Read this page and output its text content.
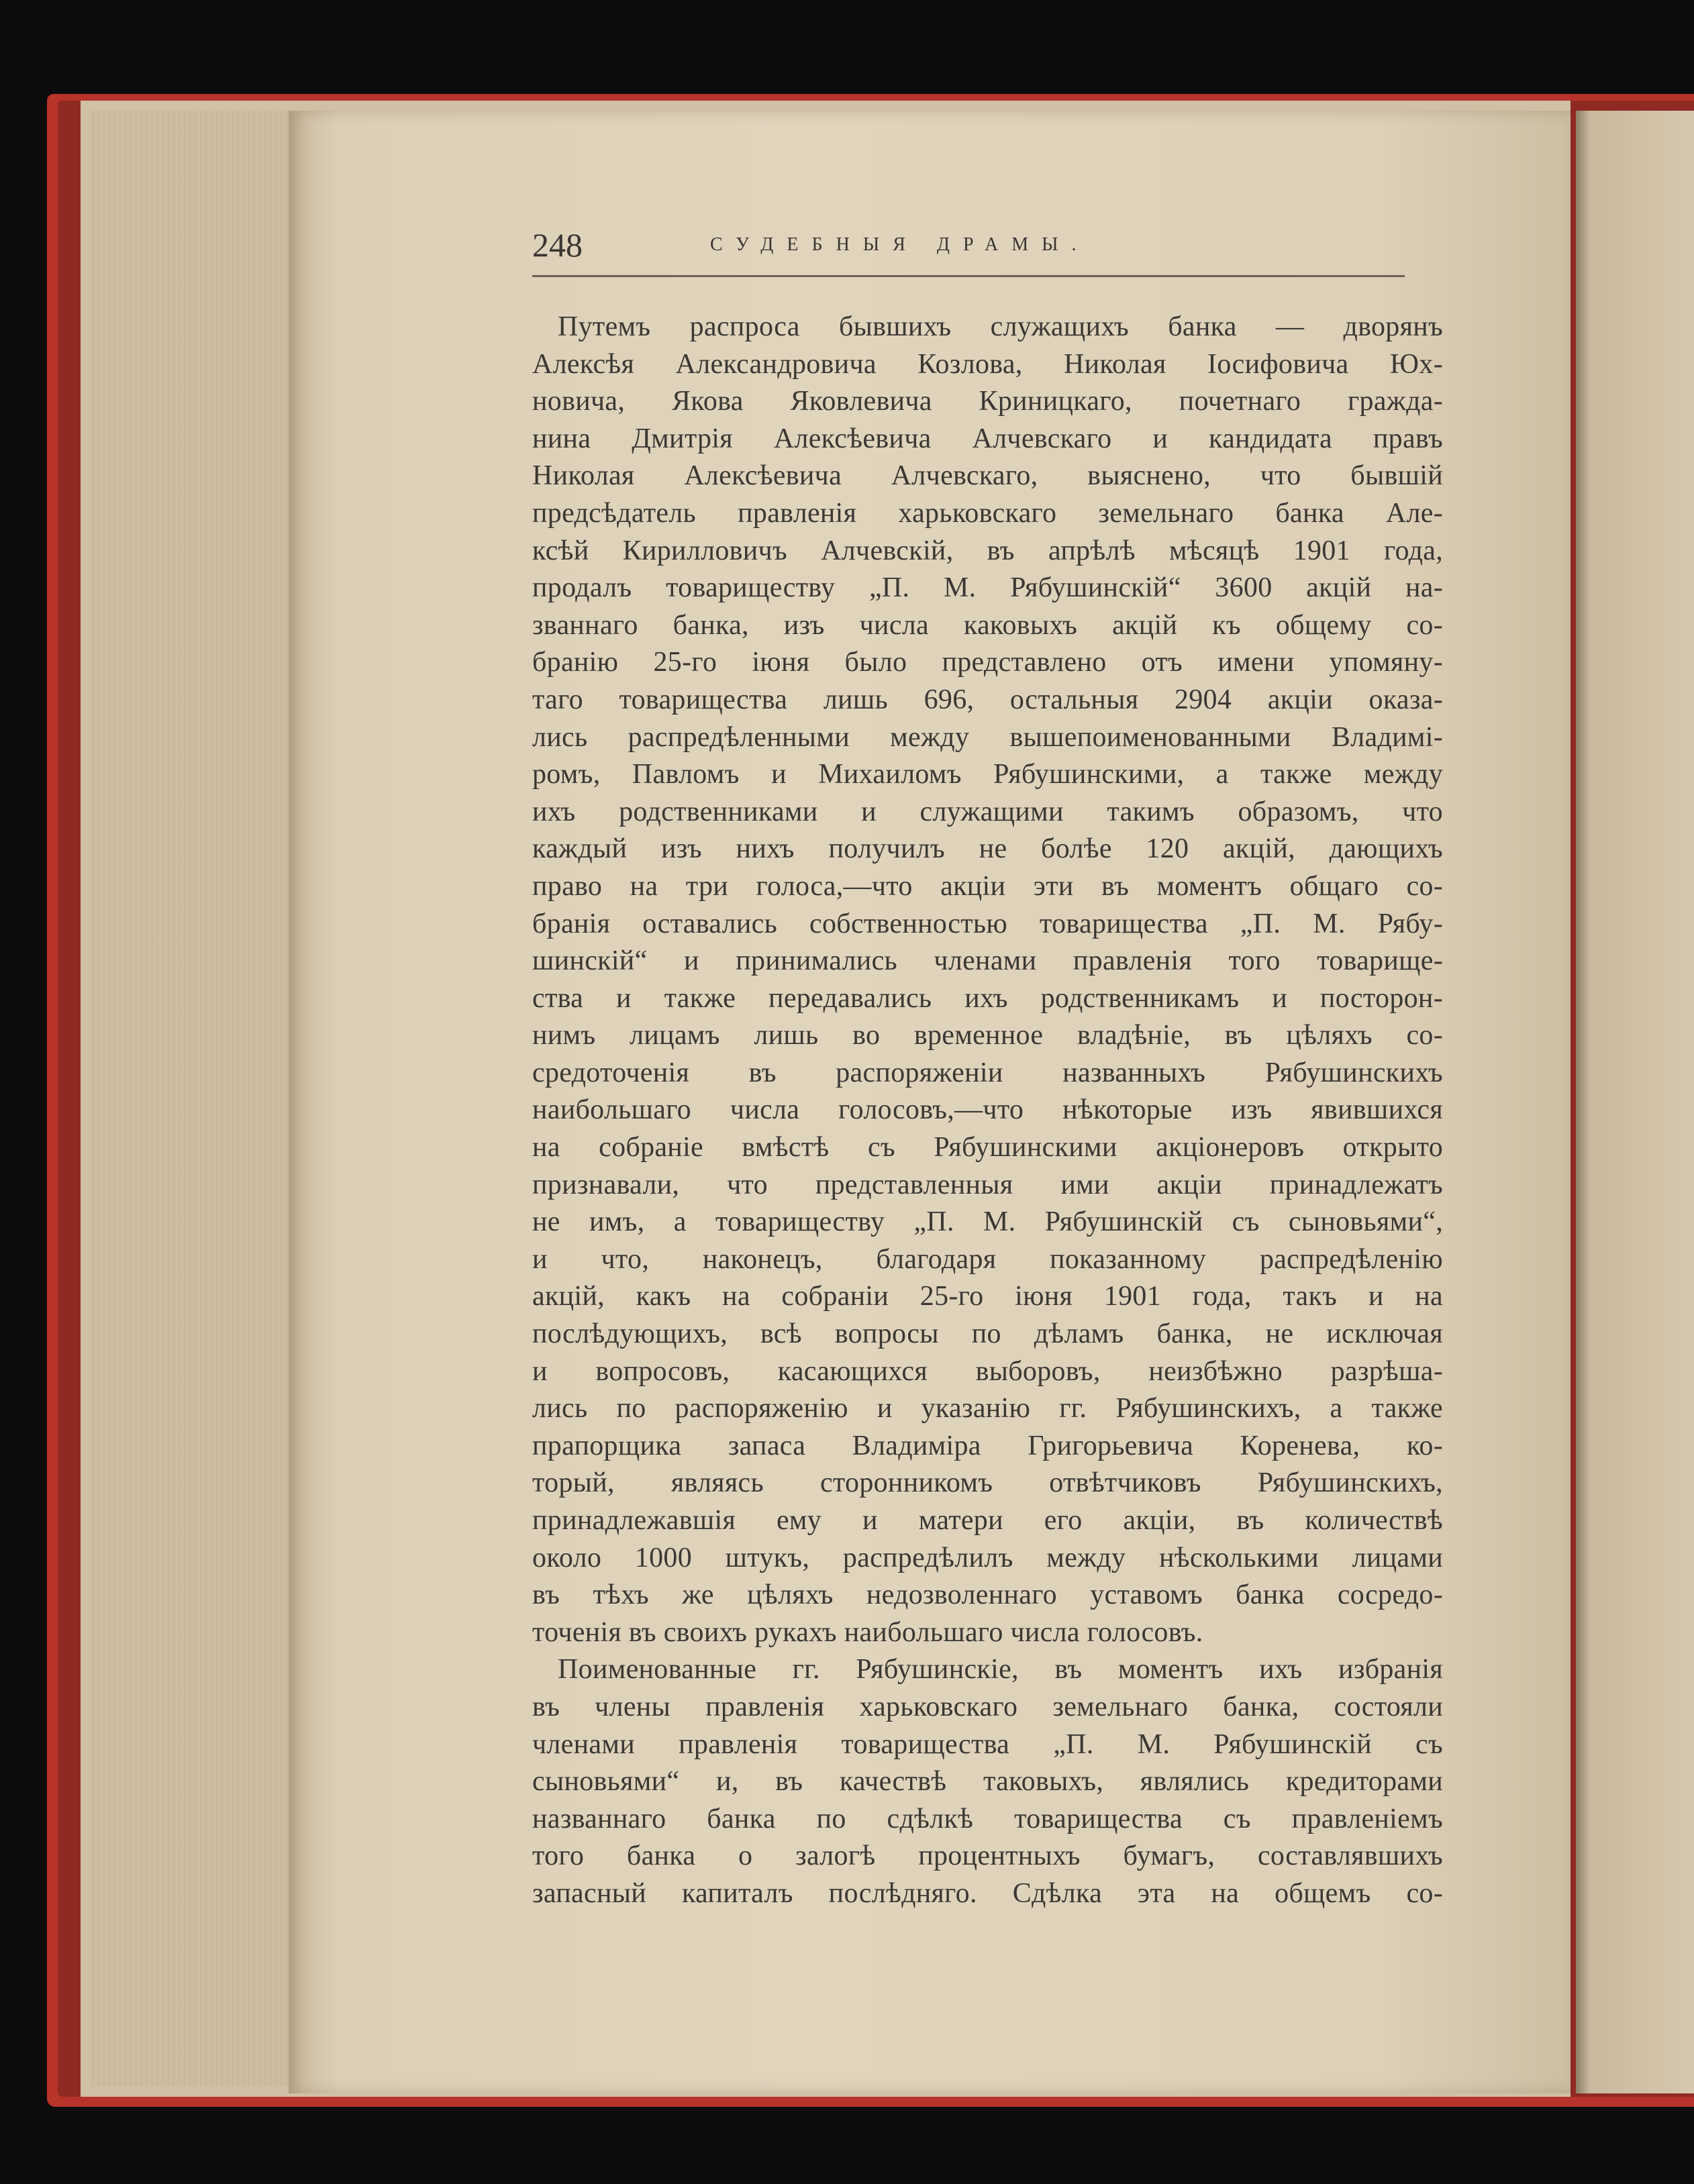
248	СУДЕБНЫЯ ДРАМЫ.
Путемъ распроса бывшихъ служащихъ банка — дворянъ
Алексѣя Александровича Козлова, Николая Іосифовича Юх-
новича, Якова Яковлевича Криницкаго, почетнаго гражда-
нина Дмитрія Алексѣевича Алчевскаго и кандидата правъ
Николая Алексѣевича Алчевскаго, выяснено, что бывшій
предсѣдатель правленія харьковскаго земельнаго банка Але-
ксѣй Кирилловичъ Алчевскій, въ апрѣлѣ мѣсяцѣ 1901 года,
продалъ товариществу „П. М. Рябушинскій“ 3600 акцій на-
званнаго банка, изъ числа каковыхъ акцій къ общему со-
бранію 25-го іюня было представлено отъ имени упомяну-
таго товарищества лишь 696, остальныя 2904 акціи оказа-
лись распредѣленными между вышепоименованными Владимі-
ромъ, Павломъ и Михаиломъ Рябушинскими, а также между
ихъ родственниками и служащими такимъ образомъ, что
каждый изъ нихъ получилъ не болѣе 120 акцій, дающихъ
право на три голоса,—что акціи эти въ моментъ общаго со-
бранія оставались собственностью товарищества „П. М. Рябу-
шинскій“ и принимались членами правленія того товарище-
ства и также передавались ихъ родственникамъ и посторон-
нимъ лицамъ лишь во временное владѣніе, въ цѣляхъ со-
средоточенія въ распоряженіи названныхъ Рябушинскихъ
наибольшаго числа голосовъ,—что нѣкоторые изъ явившихся
на собраніе вмѣстѣ съ Рябушинскими акціонеровъ открыто
признавали, что представленныя ими акціи принадлежатъ
не имъ, а товариществу „П. М. Рябушинскій съ сыновьями“,
и что, наконецъ, благодаря показанному распредѣленію
акцій, какъ на собраніи 25-го іюня 1901 года, такъ и на
послѣдующихъ, всѣ вопросы по дѣламъ банка, не исключая
и вопросовъ, касающихся выборовъ, неизбѣжно разрѣша-
лись по распоряженію и указанію гг. Рябушинскихъ, а также
прапорщика запаса Владиміра Григорьевича Коренева, ко-
торый, являясь сторонникомъ отвѣтчиковъ Рябушинскихъ,
принадлежавшія ему и матери его акціи, въ количествѣ
около 1000 штукъ, распредѣлилъ между нѣсколькими лицами
въ тѣхъ же цѣляхъ недозволеннаго уставомъ банка сосредо-
точенія въ своихъ рукахъ наибольшаго числа голосовъ.
Поименованные гг. Рябушинскіе, въ моментъ ихъ избранія
въ члены правленія харьковскаго земельнаго банка, состояли
членами правленія товарищества „П. М. Рябушинскій съ
сыновьями“ и, въ качествѣ таковыхъ, являлись кредиторами
названнаго банка по сдѣлкѣ товарищества съ правленіемъ
того банка о залогѣ процентныхъ бумагъ, составлявшихъ
запасный капиталъ послѣдняго. Сдѣлка эта на общемъ со-
